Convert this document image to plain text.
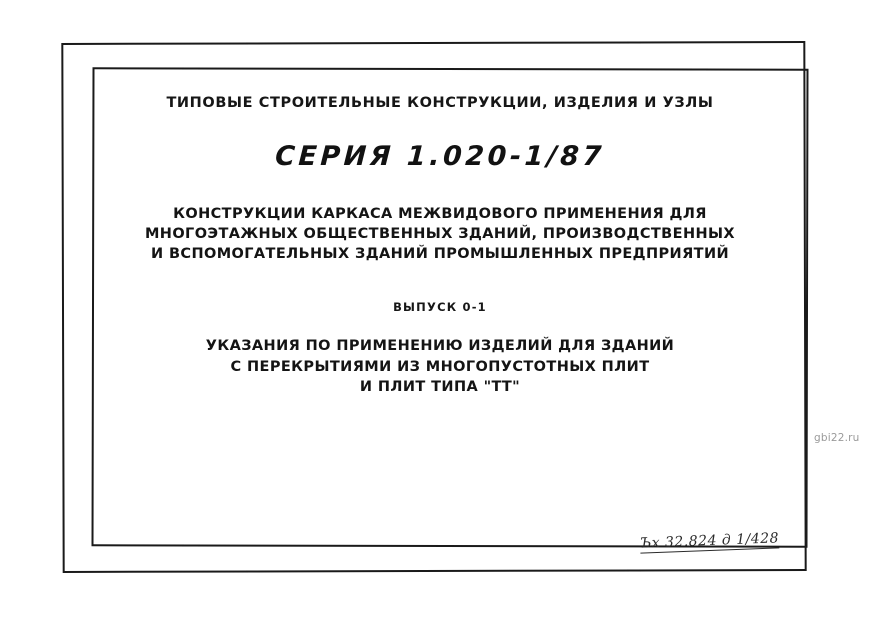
ТИПОВЫЕ СТРОИТЕЛЬНЫЕ КОНСТРУКЦИИ, ИЗДЕЛИЯ И УЗЛЫ
СЕРИЯ 1.020-1/87
КОНСТРУКЦИИ КАРКАСА МЕЖВИДОВОГО ПРИМЕНЕНИЯ ДЛЯ
МНОГОЭТАЖНЫХ ОБЩЕСТВЕННЫХ ЗДАНИЙ, ПРОИЗВОДСТВЕННЫХ
И ВСПОМОГАТЕЛЬНЫХ ЗДАНИЙ ПРОМЫШЛЕННЫХ ПРЕДПРИЯТИЙ
ВЫПУСК 0-1
УКАЗАНИЯ ПО ПРИМЕНЕНИЮ ИЗДЕЛИЙ ДЛЯ ЗДАНИЙ
С ПЕРЕКРЫТИЯМИ ИЗ МНОГОПУСТОТНЫХ ПЛИТ
И ПЛИТ ТИПА "ТТ"
Ъх 32.824 д 1/428
gbi22.ru
